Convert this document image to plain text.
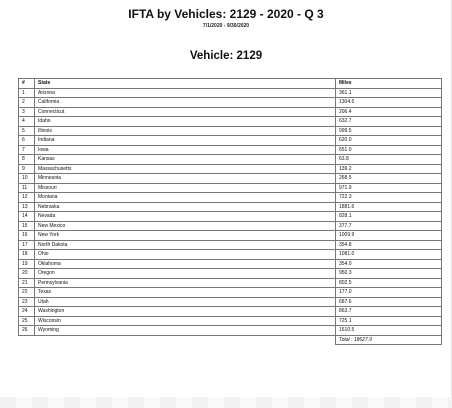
IFTA by Vehicles: 2129 - 2020 - Q 3
7/1/2020 - 9/30/2020
Vehicle: 2129
#	State	Miles
1	Arizona	361.1
2	California	1304.5
3	Connecticut	206.4
4	Idaho	632.7
5	Illinois	999.5
6	Indiana	620.0
7	Iowa	651.0
8	Kansas	63.8
9	Massachusetts	139.2
10	Minnesota	268.5
11	Missouri	971.9
12	Montana	722.3
13	Nebraska	1881.6
14	Nevada	828.1
15	New Mexico	377.7
16	New York	1009.9
17	North Dakota	354.8
18	Ohio	1081.0
19	Oklahoma	354.0
20	Oregon	950.3
21	Pennsylvania	802.5
22	Texas	177.0
23	Utah	687.6
24	Washington	863.7
25	Wisconsin	725.1
26	Wyoming	1610.5
		Total : 18627.9
